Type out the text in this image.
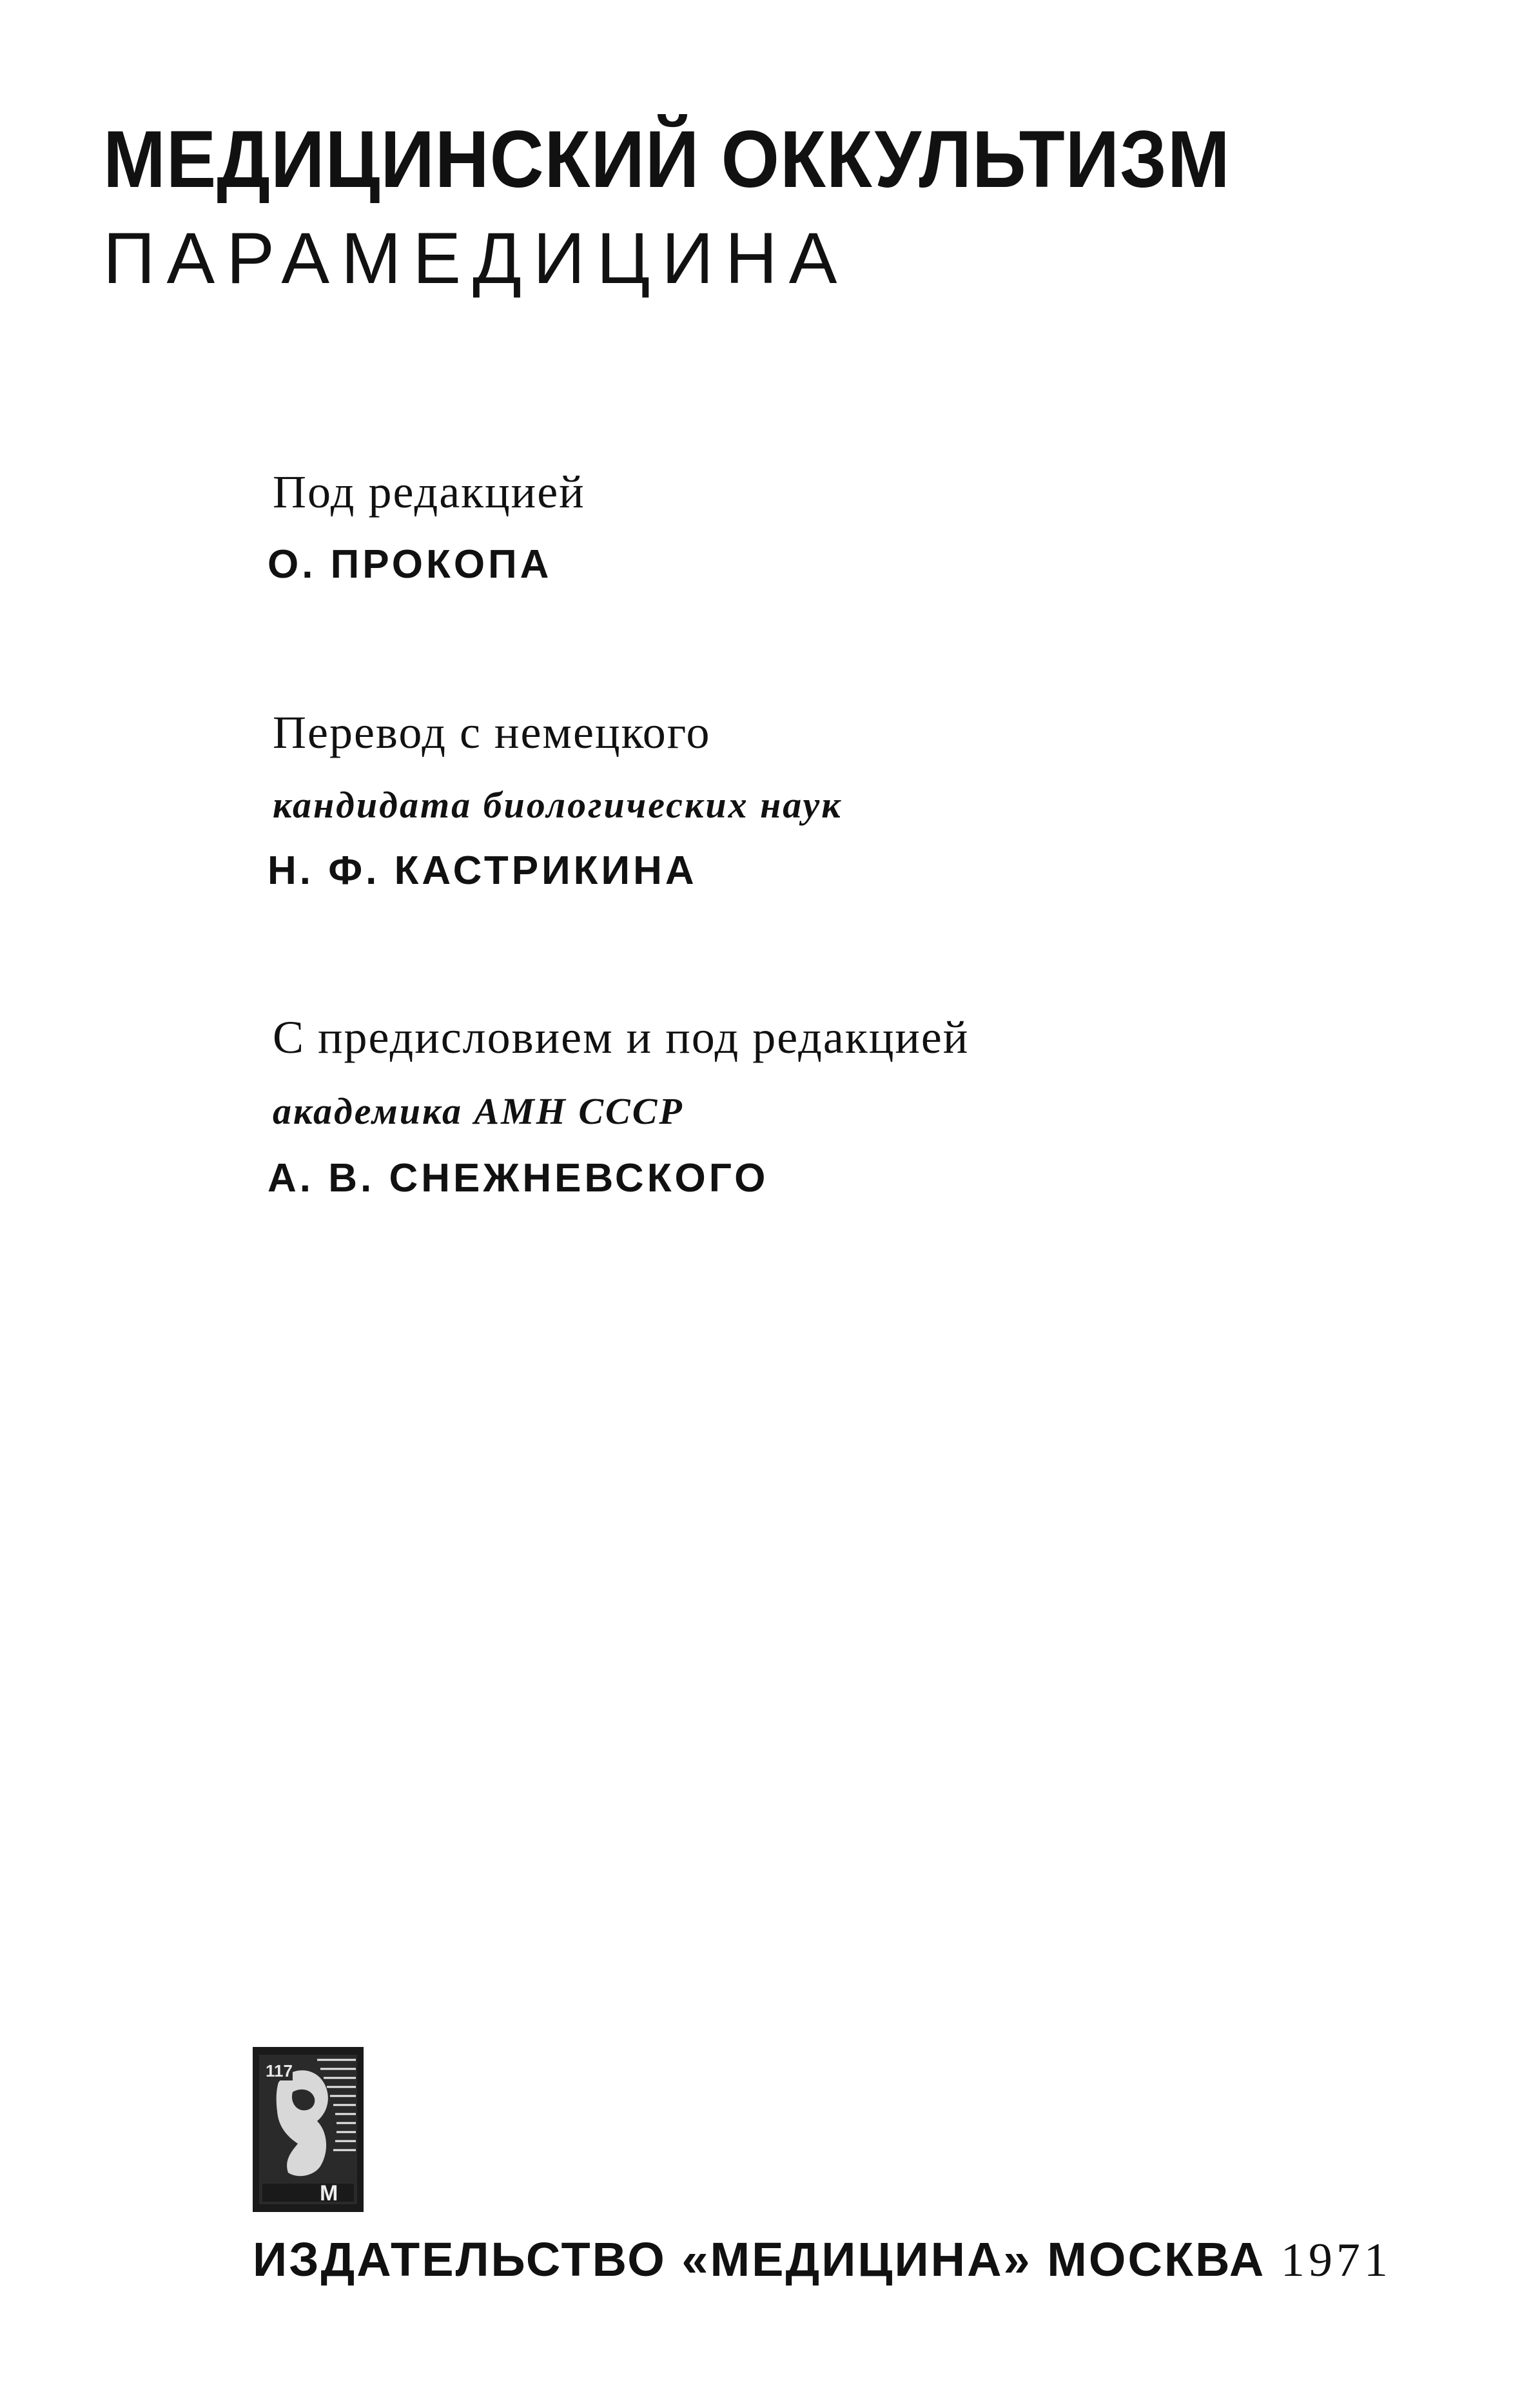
МЕДИЦИНСКИЙ ОККУЛЬТИЗМ
ПАРАМЕДИЦИНА
Под редакцией
О. ПРОКОПА
Перевод с немецкого
кандидата биологических наук
Н. Ф. КАСТРИКИНА
С предисловием и под редакцией
академика АМН СССР
А. В. СНЕЖНЕВСКОГО
117
М
ИЗДАТЕЛЬСТВО «МЕДИЦИНА» МОСКВА 1971
